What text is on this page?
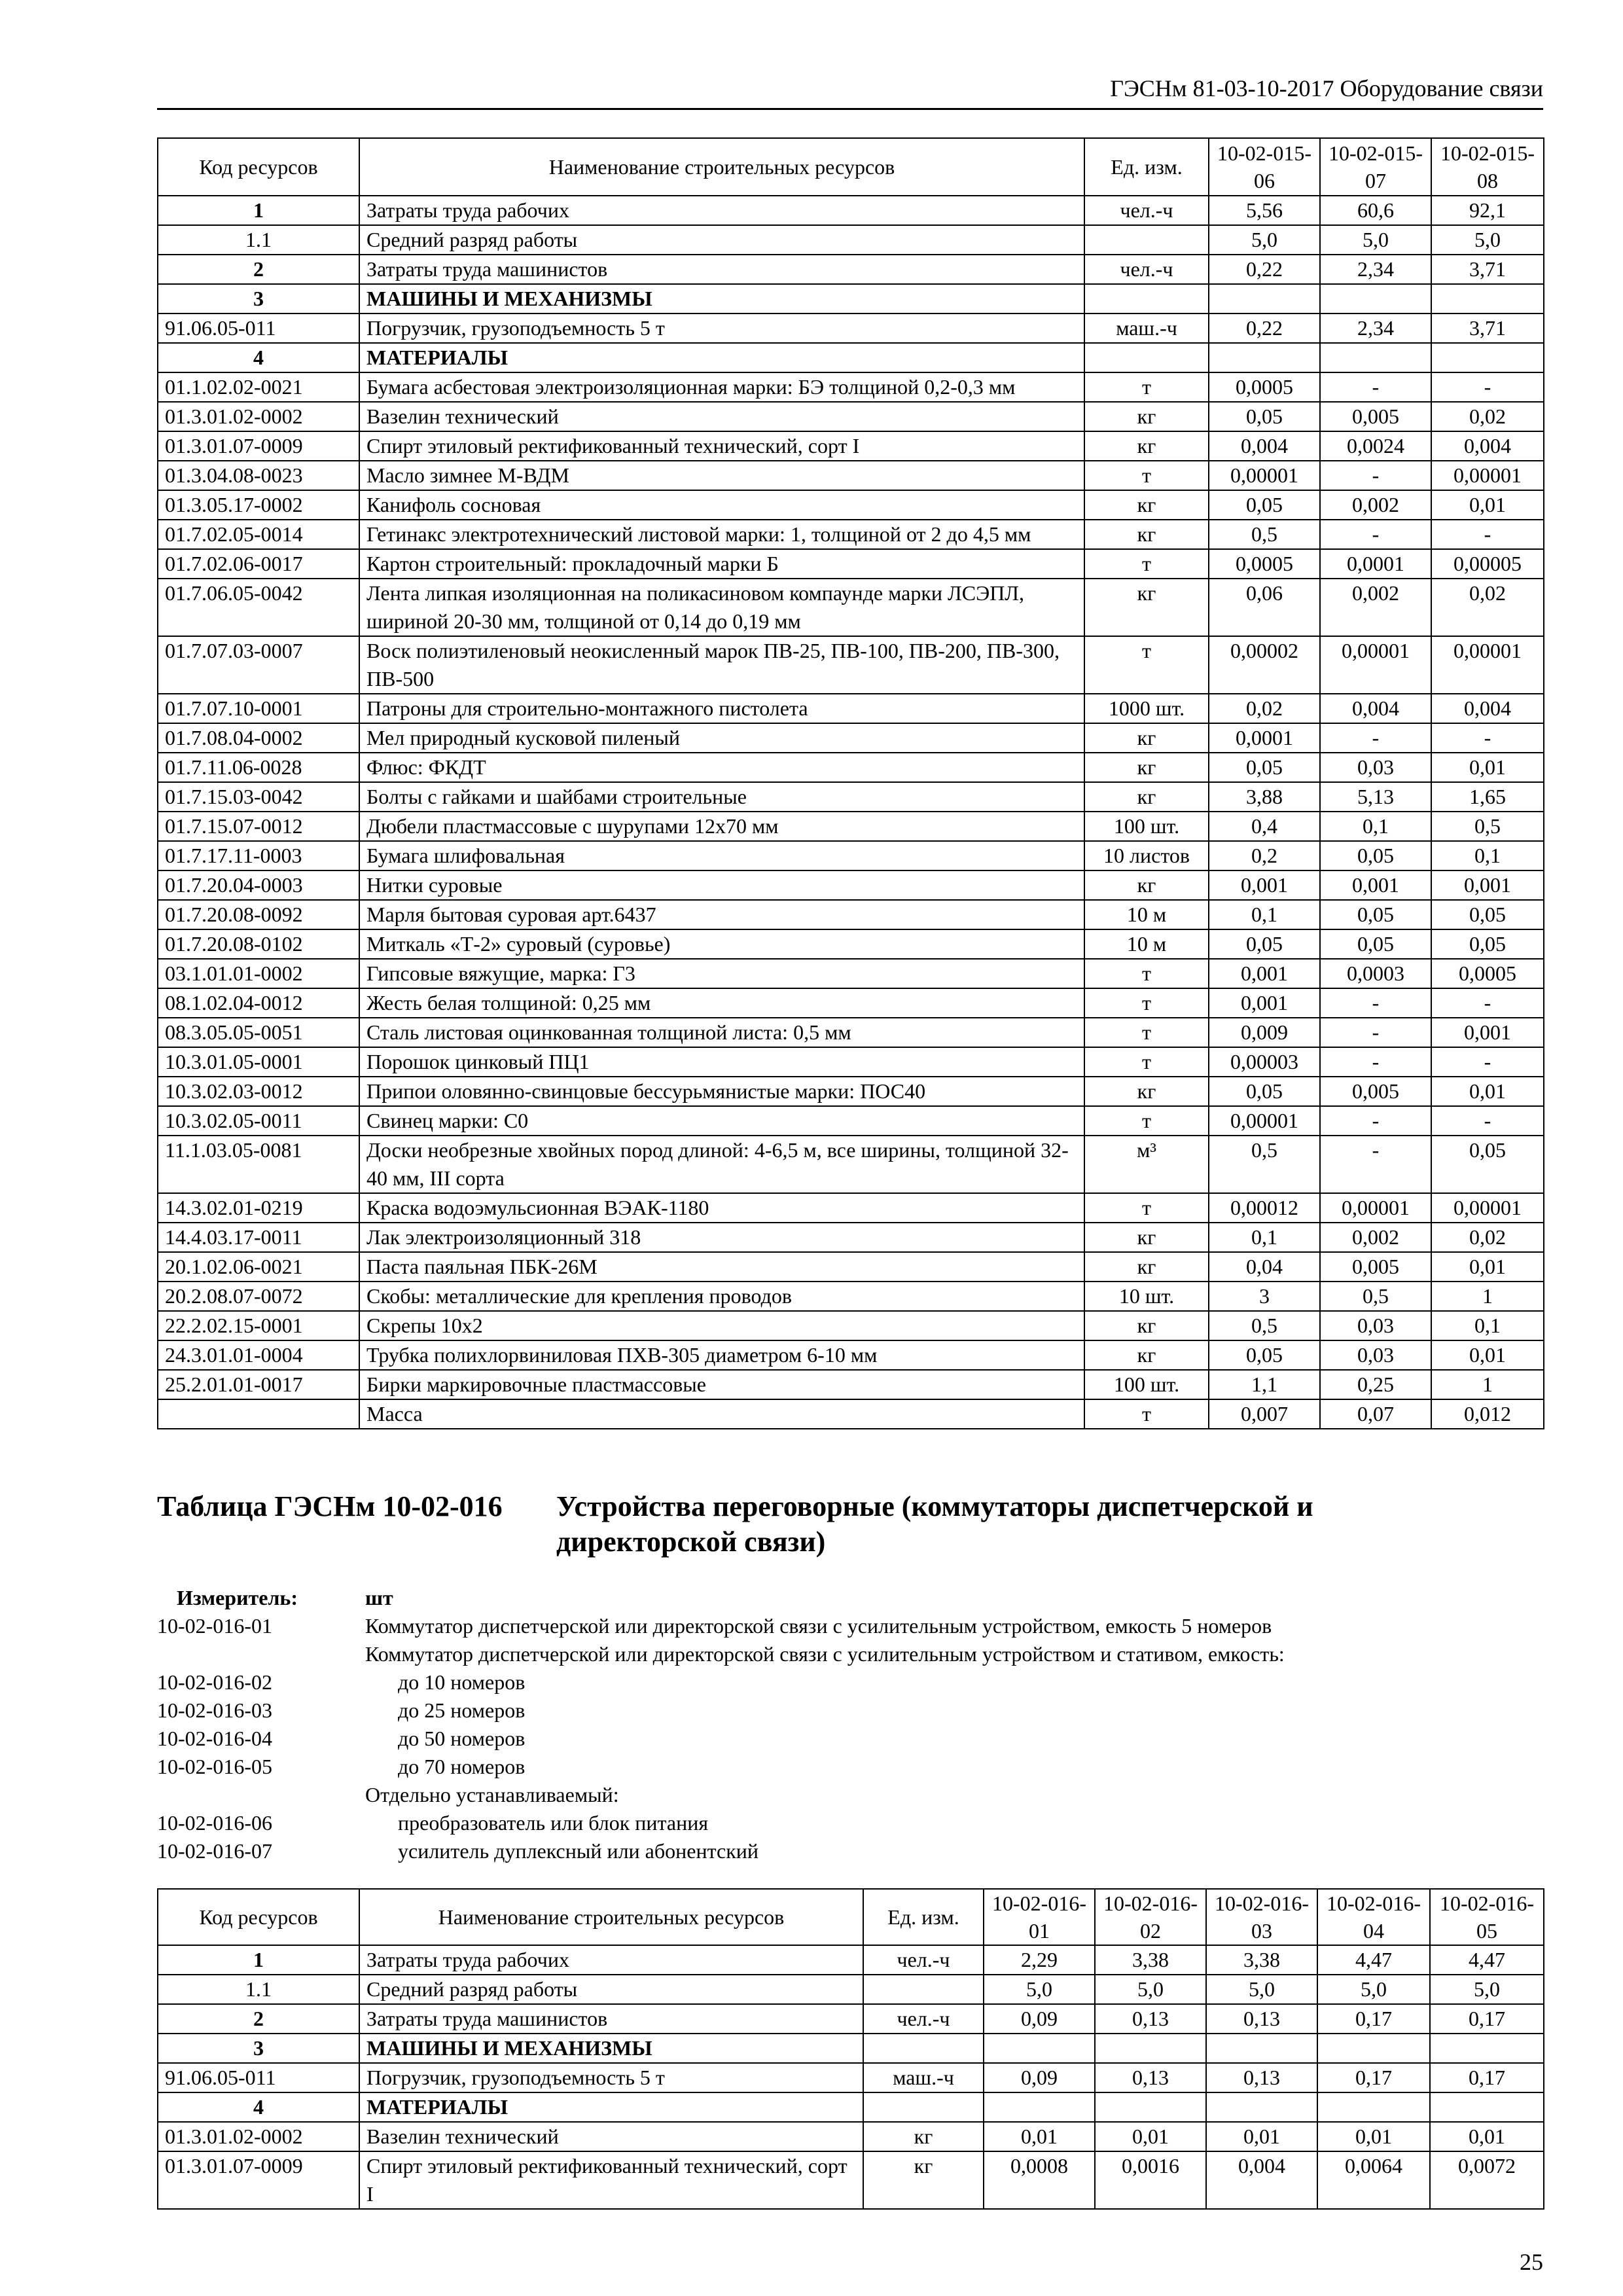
ГЭСНм 81-03-10-2017 Оборудование связи
Код ресурсов	Наименование строительных ресурсов	Ед. изм.	10-02-015-06	10-02-015-07	10-02-015-08
1	Затраты труда рабочих	чел.-ч	5,56	60,6	92,1
1.1	Средний разряд работы		5,0	5,0	5,0
2	Затраты труда машинистов	чел.-ч	0,22	2,34	3,71
3	МАШИНЫ И МЕХАНИЗМЫ				
91.06.05-011	Погрузчик, грузоподъемность 5 т	маш.-ч	0,22	2,34	3,71
4	МАТЕРИАЛЫ				
01.1.02.02-0021	Бумага асбестовая электроизоляционная марки: БЭ толщиной 0,2-0,3 мм	т	0,0005	-	-
01.3.01.02-0002	Вазелин технический	кг	0,05	0,005	0,02
01.3.01.07-0009	Спирт этиловый ректификованный технический, сорт I	кг	0,004	0,0024	0,004
01.3.04.08-0023	Масло зимнее М-ВДМ	т	0,00001	-	0,00001
01.3.05.17-0002	Канифоль сосновая	кг	0,05	0,002	0,01
01.7.02.05-0014	Гетинакс электротехнический листовой марки: 1, толщиной от 2 до 4,5 мм	кг	0,5	-	-
01.7.02.06-0017	Картон строительный: прокладочный марки Б	т	0,0005	0,0001	0,00005
01.7.06.05-0042	Лента липкая изоляционная на поликасиновом компаунде марки ЛСЭПЛ, шириной 20-30 мм, толщиной от 0,14 до 0,19 мм	кг	0,06	0,002	0,02
01.7.07.03-0007	Воск полиэтиленовый неокисленный марок ПВ-25, ПВ-100, ПВ-200, ПВ-300, ПВ-500	т	0,00002	0,00001	0,00001
01.7.07.10-0001	Патроны для строительно-монтажного пистолета	1000 шт.	0,02	0,004	0,004
01.7.08.04-0002	Мел природный кусковой пиленый	кг	0,0001	-	-
01.7.11.06-0028	Флюс: ФКДТ	кг	0,05	0,03	0,01
01.7.15.03-0042	Болты с гайками и шайбами строительные	кг	3,88	5,13	1,65
01.7.15.07-0012	Дюбели пластмассовые с шурупами 12х70 мм	100 шт.	0,4	0,1	0,5
01.7.17.11-0003	Бумага шлифовальная	10 листов	0,2	0,05	0,1
01.7.20.04-0003	Нитки суровые	кг	0,001	0,001	0,001
01.7.20.08-0092	Марля бытовая суровая арт.6437	10 м	0,1	0,05	0,05
01.7.20.08-0102	Миткаль «Т-2» суровый (суровье)	10 м	0,05	0,05	0,05
03.1.01.01-0002	Гипсовые вяжущие, марка: Г3	т	0,001	0,0003	0,0005
08.1.02.04-0012	Жесть белая толщиной: 0,25 мм	т	0,001	-	-
08.3.05.05-0051	Сталь листовая оцинкованная толщиной листа: 0,5 мм	т	0,009	-	0,001
10.3.01.05-0001	Порошок цинковый ПЦ1	т	0,00003	-	-
10.3.02.03-0012	Припои оловянно-свинцовые бессурьмянистые марки: ПОС40	кг	0,05	0,005	0,01
10.3.02.05-0011	Свинец марки: С0	т	0,00001	-	-
11.1.03.05-0081	Доски необрезные хвойных пород длиной: 4-6,5 м, все ширины, толщиной 32-40 мм, III сорта	м³	0,5	-	0,05
14.3.02.01-0219	Краска водоэмульсионная ВЭАК-1180	т	0,00012	0,00001	0,00001
14.4.03.17-0011	Лак электроизоляционный 318	кг	0,1	0,002	0,02
20.1.02.06-0021	Паста паяльная ПБК-26М	кг	0,04	0,005	0,01
20.2.08.07-0072	Скобы: металлические для крепления проводов	10 шт.	3	0,5	1
22.2.02.15-0001	Скрепы 10х2	кг	0,5	0,03	0,1
24.3.01.01-0004	Трубка полихлорвиниловая ПХВ-305 диаметром 6-10 мм	кг	0,05	0,03	0,01
25.2.01.01-0017	Бирки маркировочные пластмассовые	100 шт.	1,1	0,25	1
	Масса	т	0,007	0,07	0,012
Таблица ГЭСНм 10-02-016 Устройства переговорные (коммутаторы диспетчерской и директорской связи)
Измеритель:	шт
10-02-016-01	Коммутатор диспетчерской или директорской связи с усилительным устройством, емкость 5 номеров
Коммутатор диспетчерской или директорской связи с усилительным устройством и стативом, емкость:
10-02-016-02	до 10 номеров
10-02-016-03	до 25 номеров
10-02-016-04	до 50 номеров
10-02-016-05	до 70 номеров
Отдельно устанавливаемый:
10-02-016-06	преобразователь или блок питания
10-02-016-07	усилитель дуплексный или абонентский
Код ресурсов	Наименование строительных ресурсов	Ед. изм.	10-02-016-01	10-02-016-02	10-02-016-03	10-02-016-04	10-02-016-05
1	Затраты труда рабочих	чел.-ч	2,29	3,38	3,38	4,47	4,47
1.1	Средний разряд работы		5,0	5,0	5,0	5,0	5,0
2	Затраты труда машинистов	чел.-ч	0,09	0,13	0,13	0,17	0,17
3	МАШИНЫ И МЕХАНИЗМЫ						
91.06.05-011	Погрузчик, грузоподъемность 5 т	маш.-ч	0,09	0,13	0,13	0,17	0,17
4	МАТЕРИАЛЫ						
01.3.01.02-0002	Вазелин технический	кг	0,01	0,01	0,01	0,01	0,01
01.3.01.07-0009	Спирт этиловый ректификованный технический, сорт I	кг	0,0008	0,0016	0,004	0,0064	0,0072
25
